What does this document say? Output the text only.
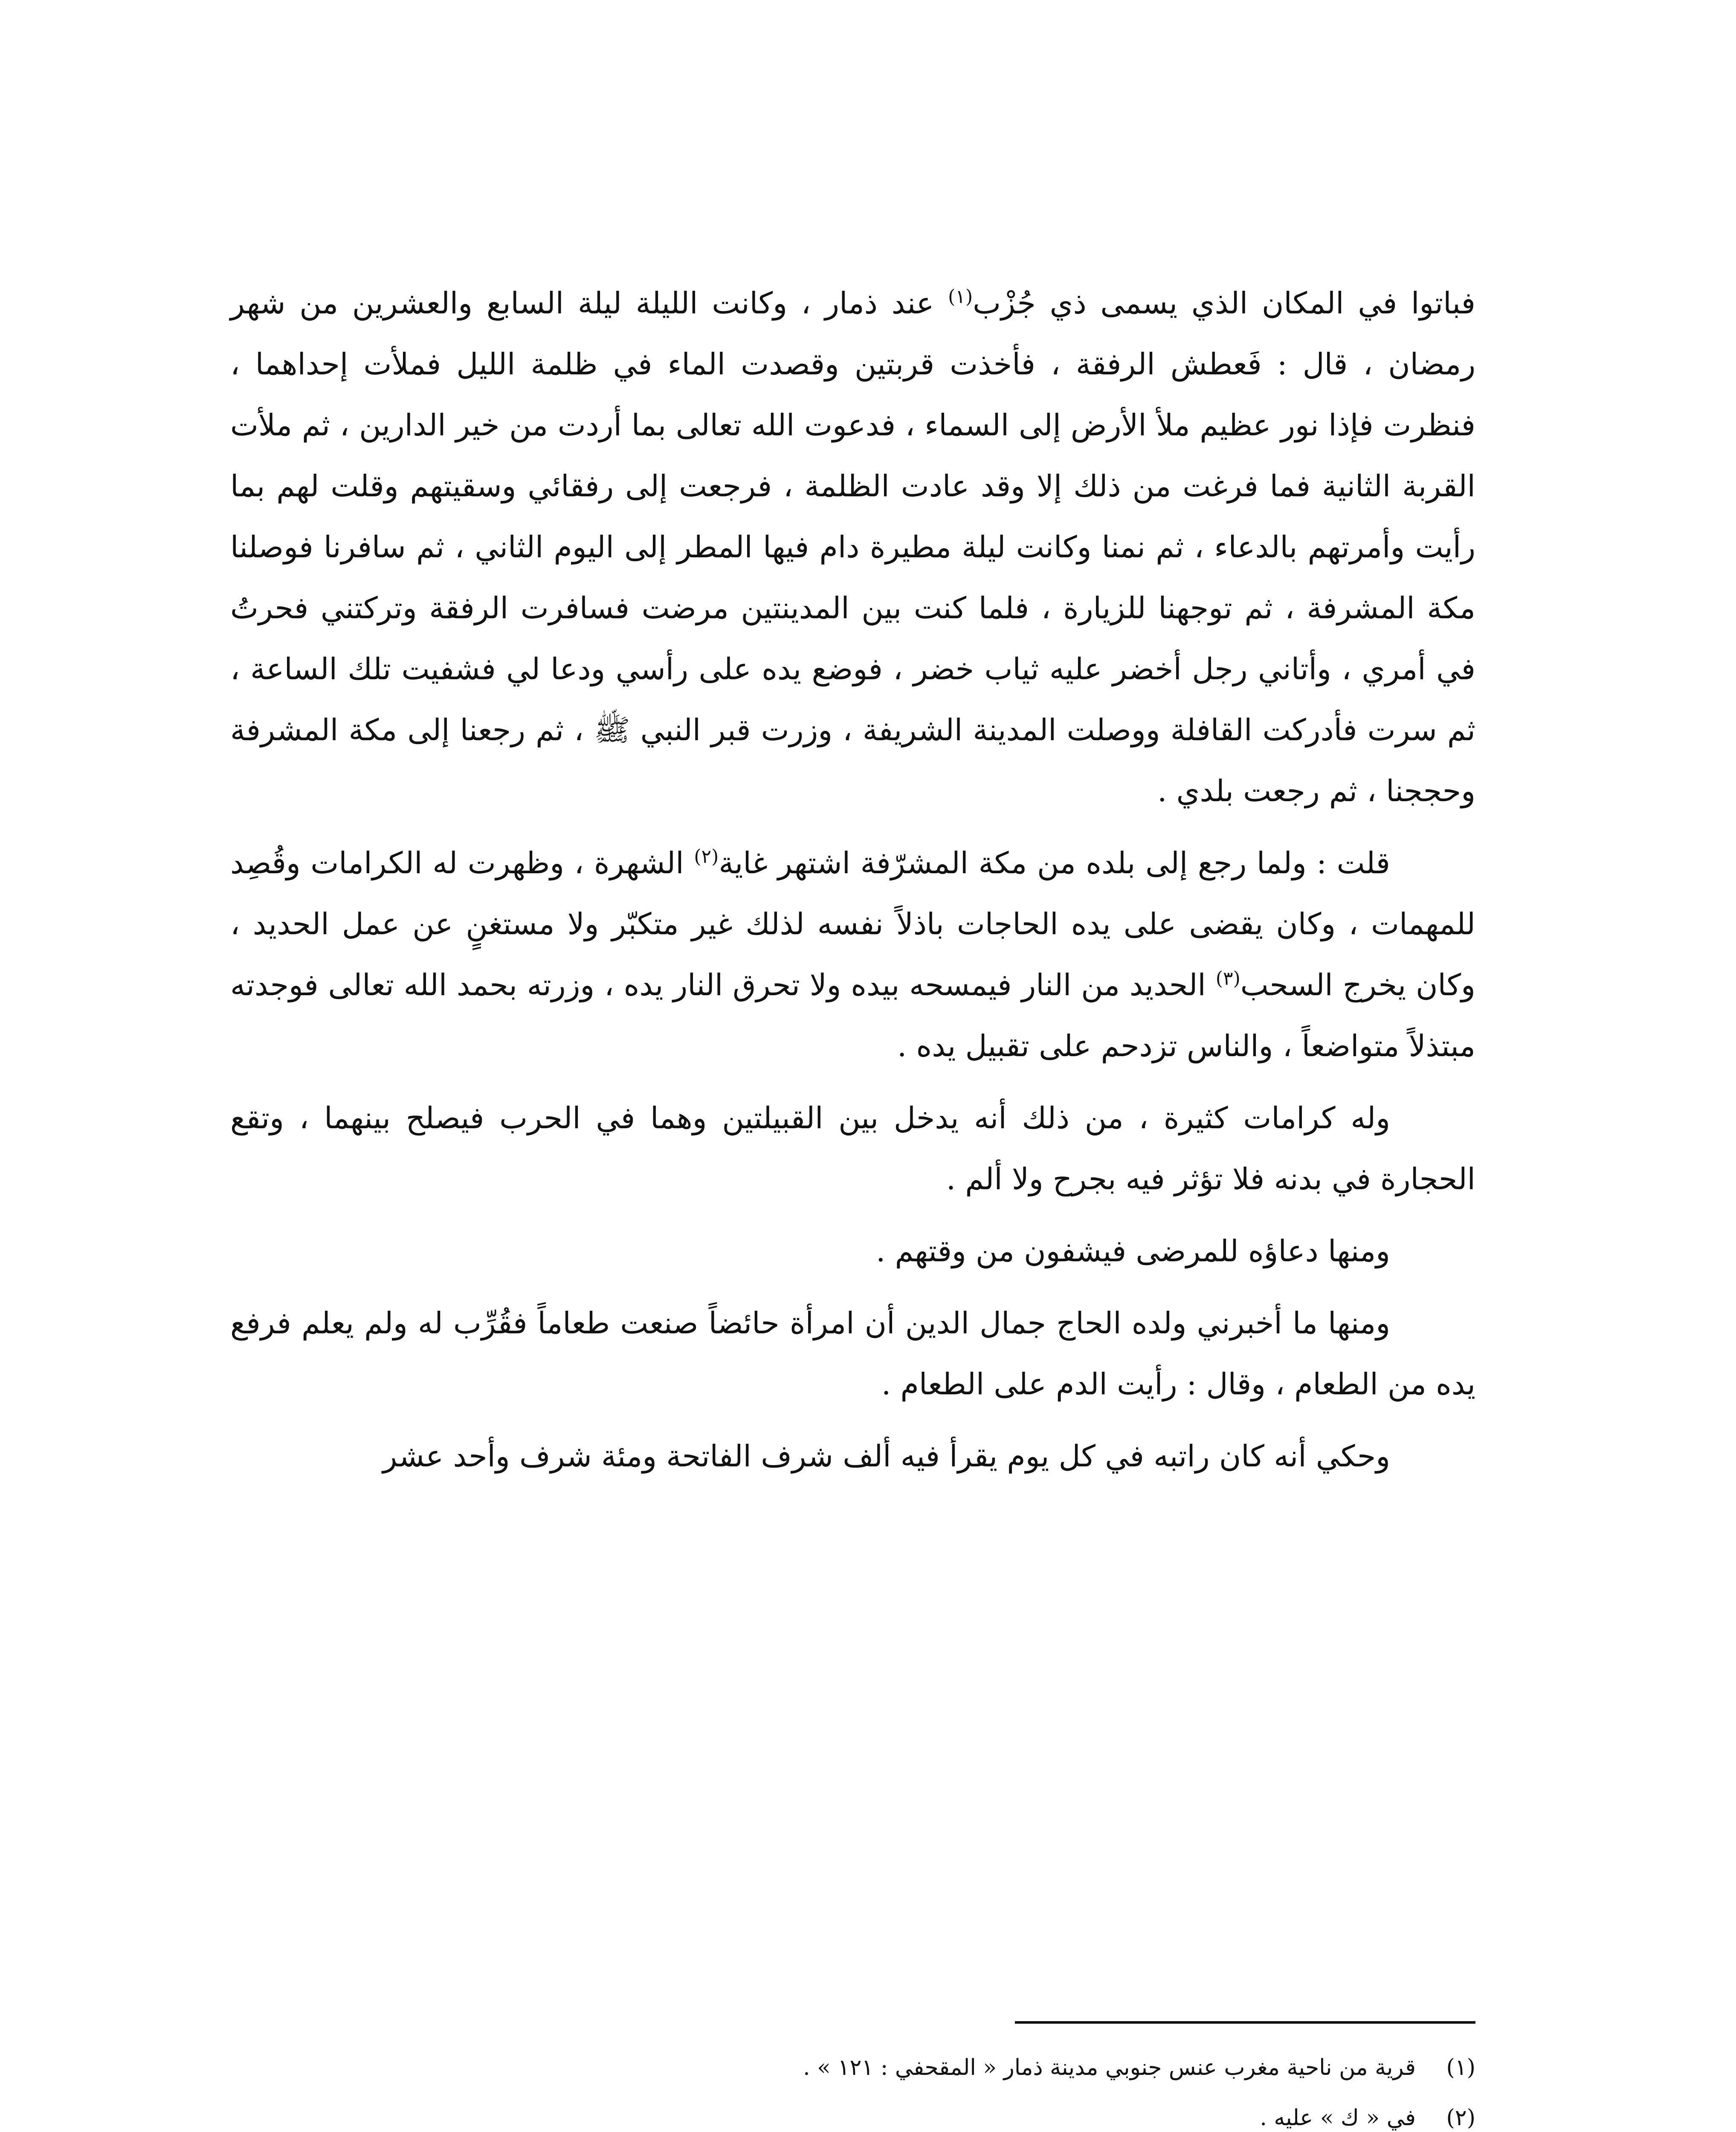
فباتوا في المكان الذي يسمى ذي جُزْب$^{(١)}$ عند ذمار ، وكانت الليلة ليلة السابع والعشرين من شهر رمضان ، قال : فَعطش الرفقة ، فأخذت قربتين وقصدت الماء في ظلمة الليل فملأت إحداهما ، فنظرت فإذا نور عظيم ملأ الأرض إلى السماء ، فدعوت الله تعالى بما أردت من خير الدارين ، ثم ملأت القربة الثانية فما فرغت من ذلك إلا وقد عادت الظلمة ، فرجعت إلى رفقائي وسقيتهم وقلت لهم بما رأيت وأمرتهم بالدعاء ، ثم نمنا وكانت ليلة مطيرة دام فيها المطر إلى اليوم الثاني ، ثم سافرنا فوصلنا مكة المشرفة ، ثم توجهنا للزيارة ، فلما كنت بين المدينتين مرضت فسافرت الرفقة وتركتني فحرتُ في أمري ، وأتاني رجل أخضر عليه ثياب خضر ، فوضع يده على رأسي ودعا لي فشفيت تلك الساعة ، ثم سرت فأدركت القافلة ووصلت المدينة الشريفة ، وزرت قبر النبي ﷺ ، ثم رجعنا إلى مكة المشرفة وحججنا ، ثم رجعت بلدي .

قلت : ولما رجع إلى بلده من مكة المشرّفة اشتهر غاية$^{(٢)}$ الشهرة ، وظهرت له الكرامات وقُصِد للمهمات ، وكان يقضى على يده الحاجات باذلاً نفسه لذلك غير متكبّر ولا مستغنٍ عن عمل الحديد ، وكان يخرج السحب$^{(٣)}$ الحديد من النار فيمسحه بيده ولا تحرق النار يده ، وزرته بحمد الله تعالى فوجدته مبتذلاً متواضعاً ، والناس تزدحم على تقبيل يده .

وله كرامات كثيرة ، من ذلك أنه يدخل بين القبيلتين وهما في الحرب فيصلح بينهما ، وتقع الحجارة في بدنه فلا تؤثر فيه بجرح ولا ألم .

ومنها دعاؤه للمرضى فيشفون من وقتهم .

ومنها ما أخبرني ولده الحاج جمال الدين أن امرأة حائضاً صنعت طعاماً فقُرِّب له ولم يعلم فرفع يده من الطعام ، وقال : رأيت الدم على الطعام .

وحكي أنه كان راتبه في كل يوم يقرأ فيه ألف شرف الفاتحة ومئة شرف وأحد عشر

(١)
قرية من ناحية مغرب عنس جنوبي مدينة ذمار « المقحفي : ١٢١ » .
(٢)
في « ك » عليه .
